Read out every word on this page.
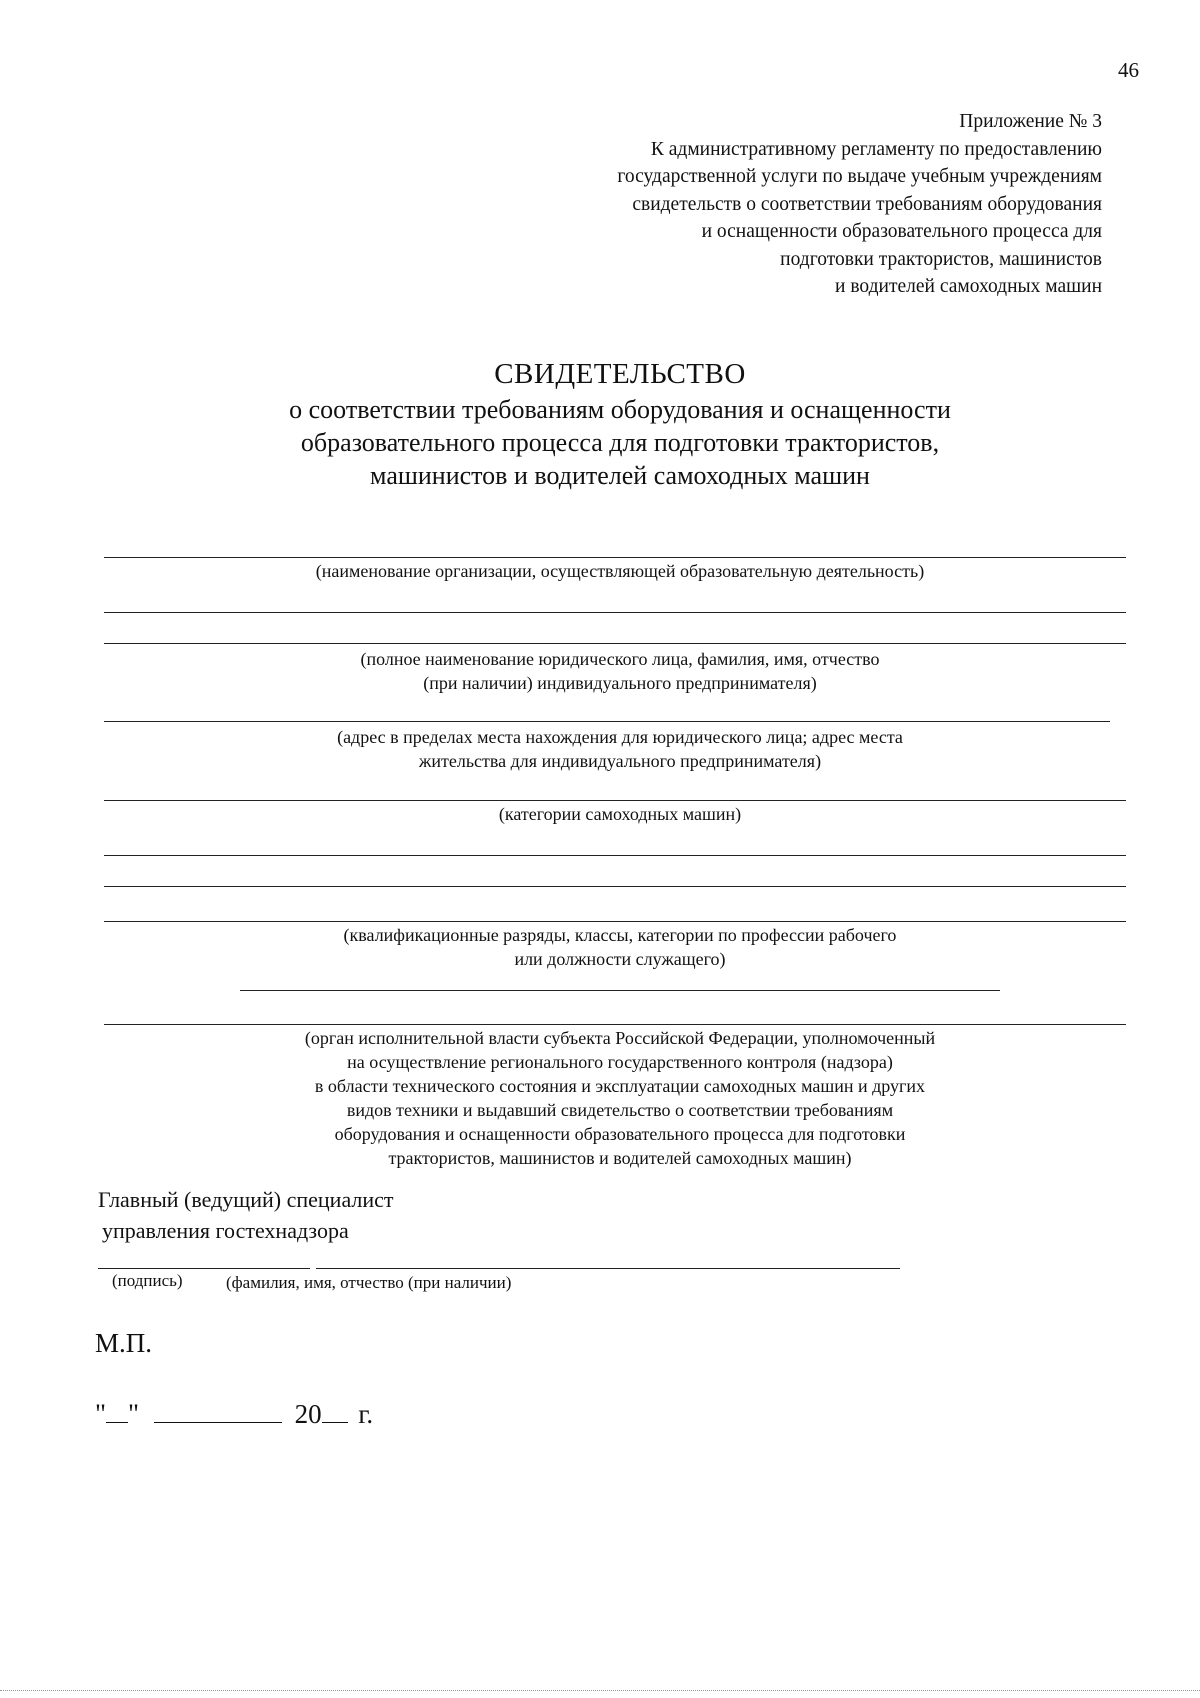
46
Приложение № 3
К административному регламенту по предоставлению
государственной услуги по выдаче учебным учреждениям
свидетельств о соответствии требованиям оборудования
и оснащенности образовательного процесса для
подготовки трактористов, машинистов
и водителей самоходных машин
СВИДЕТЕЛЬСТВО
о соответствии требованиям оборудования и оснащенности
образовательного процесса для подготовки трактористов,
машинистов и водителей самоходных машин
(наименование организации, осуществляющей образовательную деятельность)
(полное наименование юридического лица, фамилия, имя, отчество
(при наличии) индивидуального предпринимателя)
(адрес в пределах места нахождения для юридического лица; адрес места
жительства для индивидуального предпринимателя)
(категории самоходных машин)
(квалификационные разряды, классы, категории по профессии рабочего
или должности служащего)
(орган исполнительной власти субъекта Российской Федерации, уполномоченный
на осуществление регионального государственного контроля (надзора)
в области технического состояния и эксплуатации самоходных машин и других
видов техники и выдавший свидетельство о соответствии требованиям
оборудования и оснащенности образовательного процесса для подготовки
трактористов, машинистов и водителей самоходных машин)
Главный (ведущий) специалист
управления гостехнадзора
(подпись)	(фамилия, имя, отчество (при наличии)
М.П.
" "	20 г.
